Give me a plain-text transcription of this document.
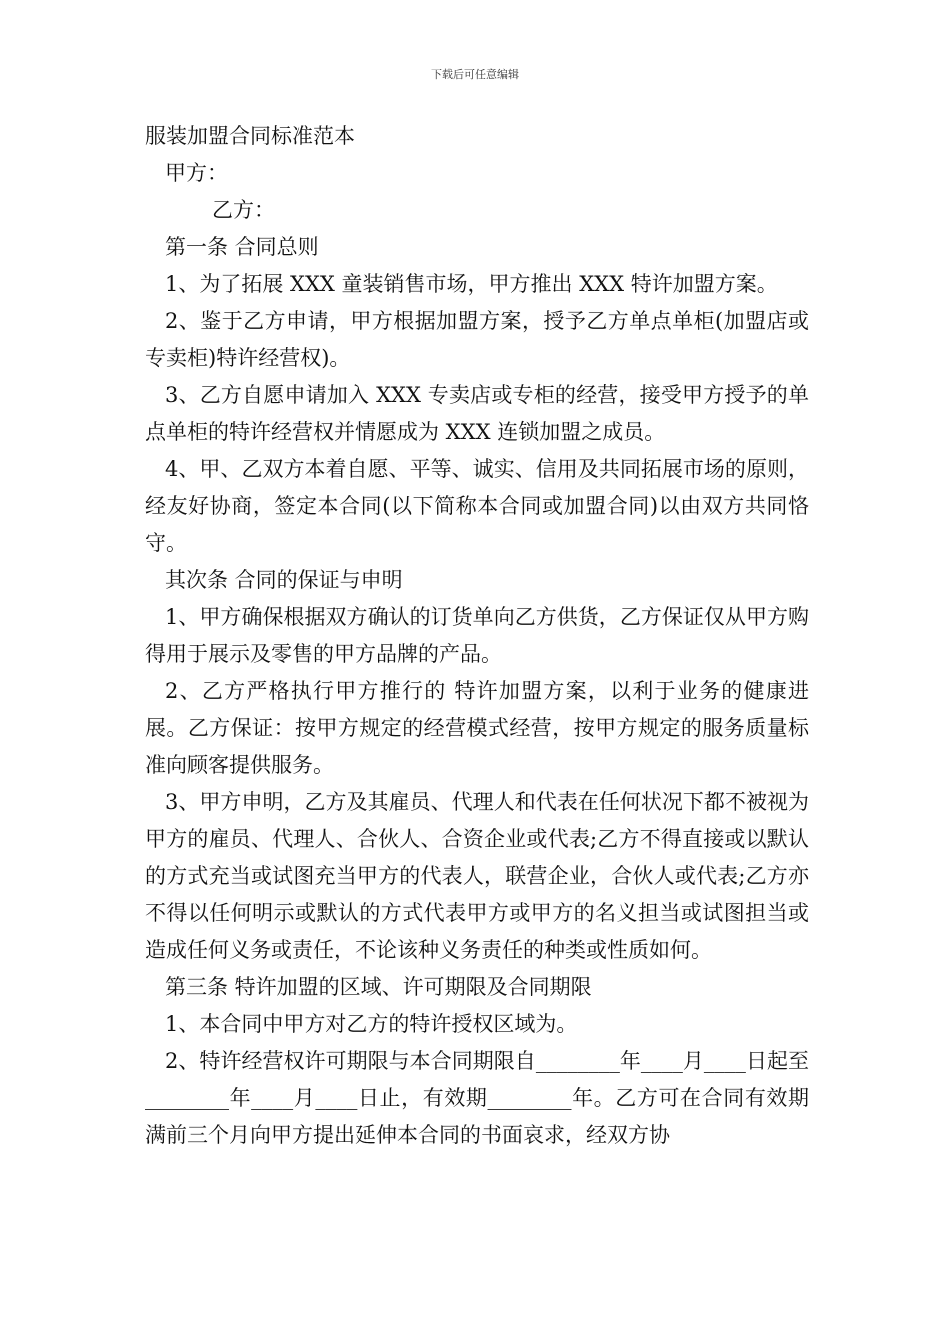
下载后可任意编辑
服装加盟合同标准范本
甲方：
乙方：
第一条 合同总则
1、为了拓展 XXX 童装销售市场，甲方推出 XXX 特许加盟方案。
2、鉴于乙方申请，甲方根据加盟方案，授予乙方单点单柜(加盟店或专卖柜)特许经营权)。
3、乙方自愿申请加入 XXX 专卖店或专柜的经营，接受甲方授予的单点单柜的特许经营权并情愿成为 XXX 连锁加盟之成员。
4、甲、乙双方本着自愿、平等、诚实、信用及共同拓展市场的原则，经友好协商，签定本合同(以下简称本合同或加盟合同)以由双方共同恪守。
其次条 合同的保证与申明
1、甲方确保根据双方确认的订货单向乙方供货，乙方保证仅从甲方购得用于展示及零售的甲方品牌的产品。
2、乙方严格执行甲方推行的 特许加盟方案，以利于业务的健康进展。乙方保证：按甲方规定的经营模式经营，按甲方规定的服务质量标准向顾客提供服务。
3、甲方申明，乙方及其雇员、代理人和代表在任何状况下都不被视为甲方的雇员、代理人、合伙人、合资企业或代表;乙方不得直接或以默认的方式充当或试图充当甲方的代表人，联营企业，合伙人或代表;乙方亦不得以任何明示或默认的方式代表甲方或甲方的名义担当或试图担当或造成任何义务或责任，不论该种义务责任的种类或性质如何。
第三条 特许加盟的区域、许可期限及合同期限
1、本合同中甲方对乙方的特许授权区域为。
2、特许经营权许可期限与本合同期限自________年____月____日起至________年____月____日止，有效期________年。乙方可在合同有效期满前三个月向甲方提出延伸本合同的书面哀求，经双方协
